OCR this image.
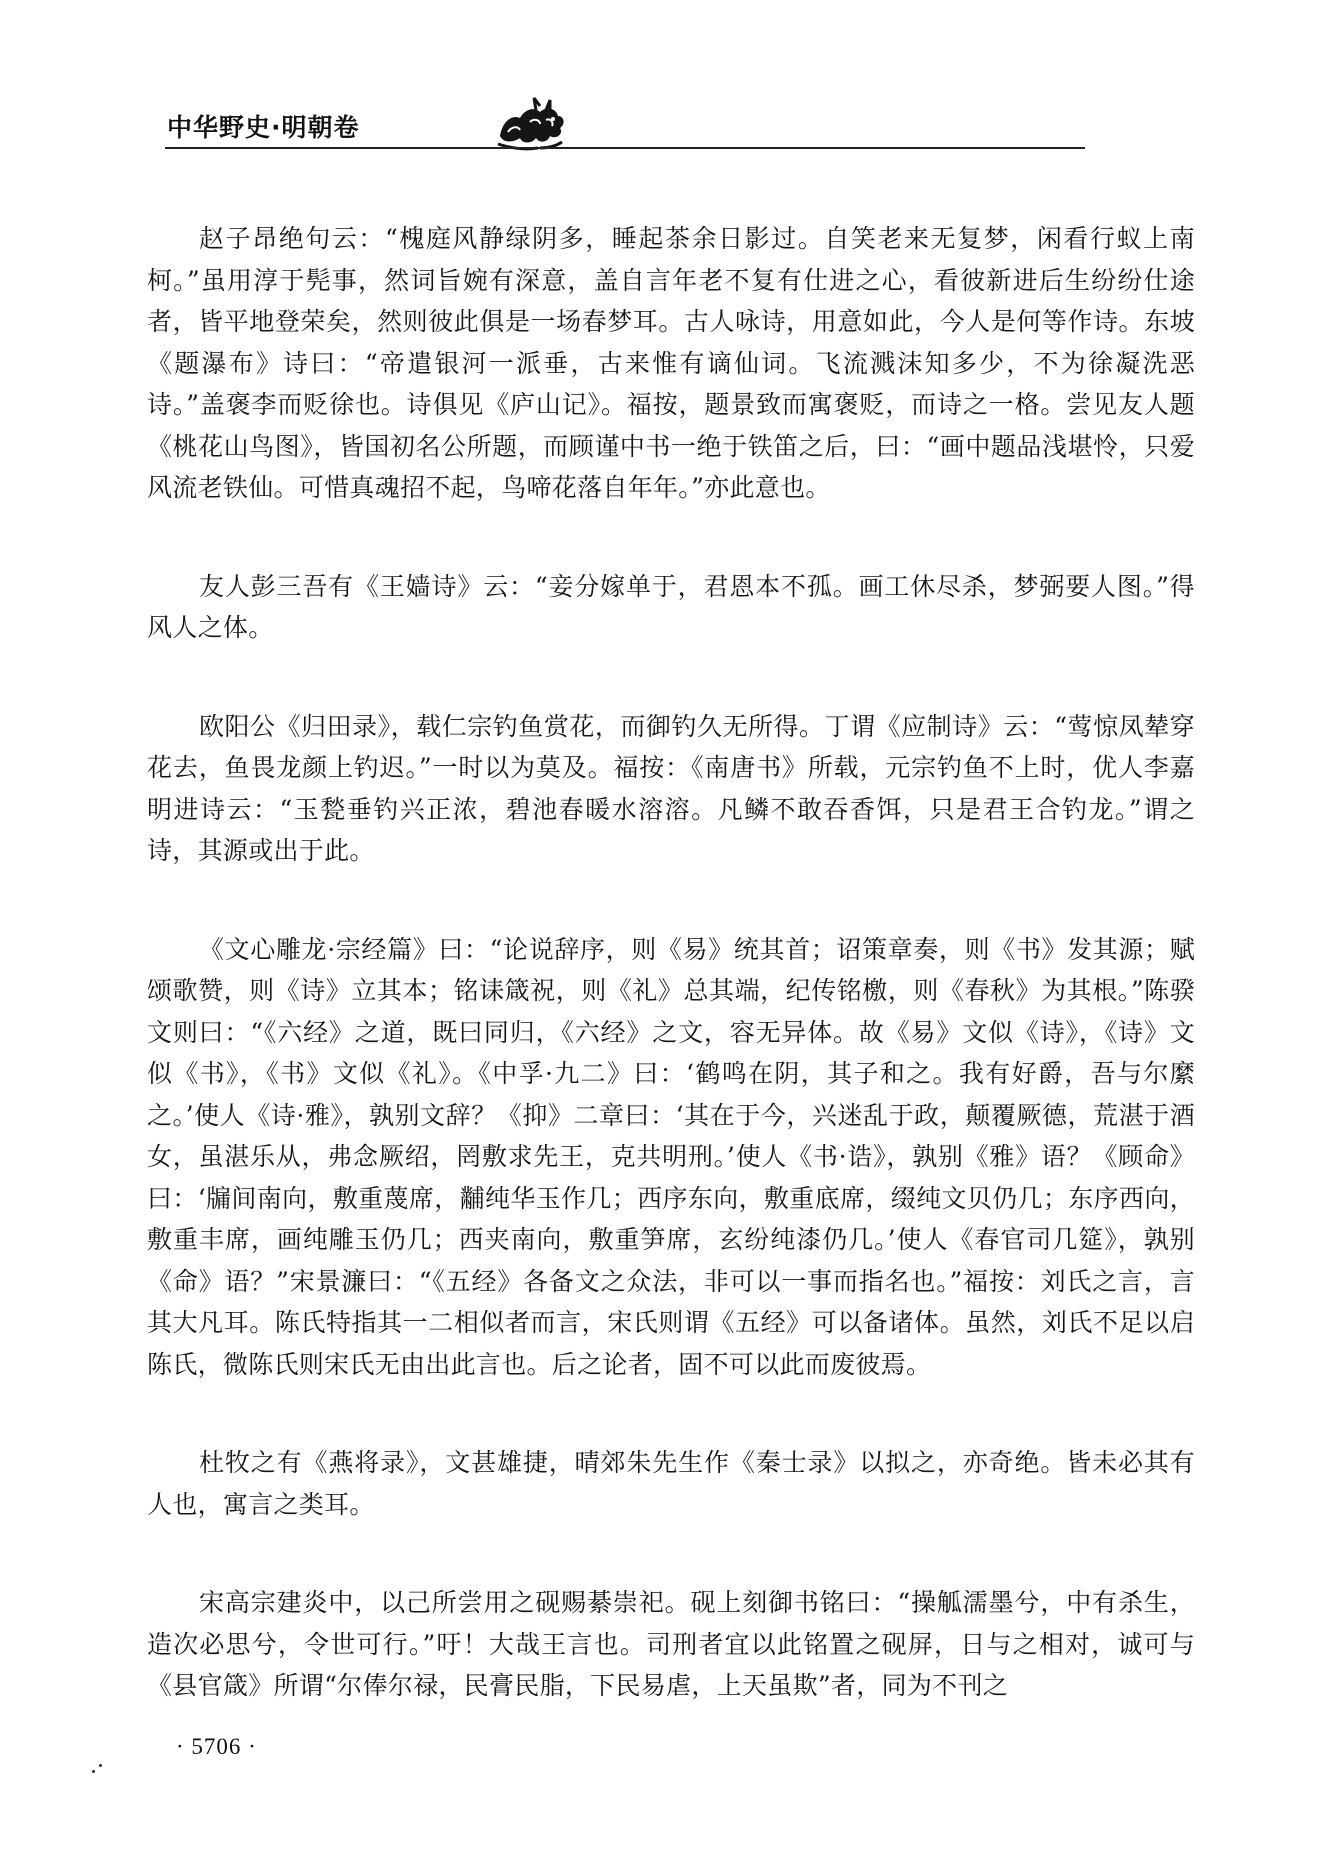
中华野史·明朝卷

赵子昂绝句云：“槐庭风静绿阴多，睡起茶余日影过。自笑老来无复梦，闲看行蚁上南柯。”虽用淳于髡事，然词旨婉有深意，盖自言年老不复有仕进之心，看彼新进后生纷纷仕途者，皆平地登荣矣，然则彼此俱是一场春梦耳。古人咏诗，用意如此，今人是何等作诗。东坡《题瀑布》诗曰：“帝遣银河一派垂，古来惟有谪仙词。飞流溅沫知多少，不为徐凝洗恶诗。”盖褒李而贬徐也。诗俱见《庐山记》。福按，题景致而寓褒贬，而诗之一格。尝见友人题《桃花山鸟图》，皆国初名公所题，而顾谨中书一绝于铁笛之后，曰：“画中题品浅堪怜，只爱风流老铁仙。可惜真魂招不起，鸟啼花落自年年。”亦此意也。

友人彭三吾有《王嫱诗》云：“妾分嫁单于，君恩本不孤。画工休尽杀，梦弼要人图。”得风人之体。

欧阳公《归田录》，载仁宗钓鱼赏花，而御钓久无所得。丁谓《应制诗》云：“莺惊凤辇穿花去，鱼畏龙颜上钓迟。”一时以为莫及。福按：《南唐书》所载，元宗钓鱼不上时，优人李嘉明进诗云：“玉甃垂钓兴正浓，碧池春暖水溶溶。凡鳞不敢吞香饵，只是君王合钓龙。”谓之诗，其源或出于此。

《文心雕龙·宗经篇》曰：“论说辞序，则《易》统其首；诏策章奏，则《书》发其源；赋颂歌赞，则《诗》立其本；铭诔箴祝，则《礼》总其端，纪传铭檄，则《春秋》为其根。”陈骙文则曰：“《六经》之道，既曰同归，《六经》之文，容无异体。故《易》文似《诗》，《诗》文似《书》，《书》文似《礼》。《中孚·九二》曰：‘鹤鸣在阴，其子和之。我有好爵，吾与尔縻之。’使人《诗·雅》，孰别文辞？《抑》二章曰：‘其在于今，兴迷乱于政，颠覆厥德，荒湛于酒女，虽湛乐从，弗念厥绍，罔敷求先王，克共明刑。’使人《书·诰》，孰别《雅》语？《顾命》曰：‘牖间南向，敷重蔑席，黼纯华玉作几；西序东向，敷重底席，缀纯文贝仍几；东序西向，敷重丰席，画纯雕玉仍几；西夹南向，敷重笋席，玄纷纯漆仍几。’使人《春官司几筵》，孰别《命》语？”宋景濂曰：“《五经》各备文之众法，非可以一事而指名也。”福按：刘氏之言，言其大凡耳。陈氏特指其一二相似者而言，宋氏则谓《五经》可以备诸体。虽然，刘氏不足以启陈氏，微陈氏则宋氏无由出此言也。后之论者，固不可以此而废彼焉。

杜牧之有《燕将录》，文甚雄捷，晴郊朱先生作《秦士录》以拟之，亦奇绝。皆未必其有人也，寓言之类耳。

宋高宗建炎中，以己所尝用之砚赐綦崇祀。砚上刻御书铭曰：“操觚濡墨兮，中有杀生，造次必思兮，令世可行。”吁！大哉王言也。司刑者宜以此铭置之砚屏，日与之相对，诚可与《县官箴》所谓“尔俸尔禄，民膏民脂，下民易虐，上天虽欺”者，同为不刊之

· 5706 ·
